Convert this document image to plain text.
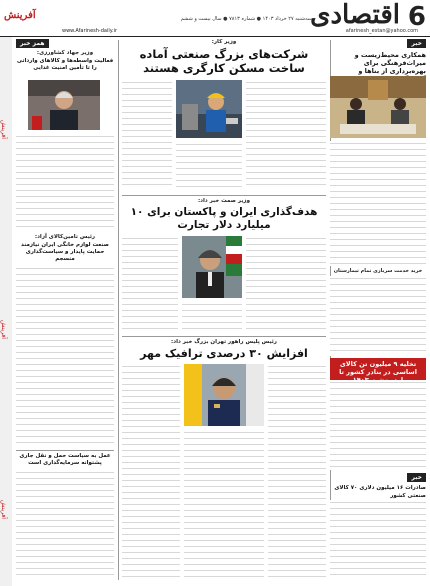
6
اقتصادی
afarinesh_estan@yahoo.com
سه‌شنبه ۲۷ خرداد ۱۴۰۳ ● شماره ۷۸۱۳ ● سال بیست و ششم
www.Afarinesh-daily.ir
آفرینش
آفرینش
آفرینش
آفرینش
خبر
همکاری محیط‌زیست و میراث‌فرهنگی برای بهره‌برداری از بناها و
خرید خدمت سربازی تمام تیمارستان
تخلیه ۹ میلیون تن کالای اساسی در بنادر کشور تا
خبر
صادرات ۱۶ میلیون دلاری ۷۰ کالای صنعتی کشور
وزیر کار:
شرکت‌های بزرگ صنعتی آماده ساخت مسکن کارگری هستند
وزیر صمت خبر داد:
هدف‌گذاری ایران و پاکستان برای ۱۰ میلیارد دلار تجارت
رئیس پلیس راهور تهران بزرگ خبر داد:
افزایش ۳۰ درصدی ترافیک مهر
همز خبر
وزیر جهاد کشاورزی:
فعالیت واسطه‌ها و کالاهای وارداتی را تا تأمین امنیت غذایی
رئیس تامین‌کالای آزاد:
صنعت لوازم خانگی ایران نیازمند حمایت پایدار و سیاست‌گذاری منسجم
عمل به سیاست حمل و نقل جاری پشتوانه سرمایه‌گذاری است
